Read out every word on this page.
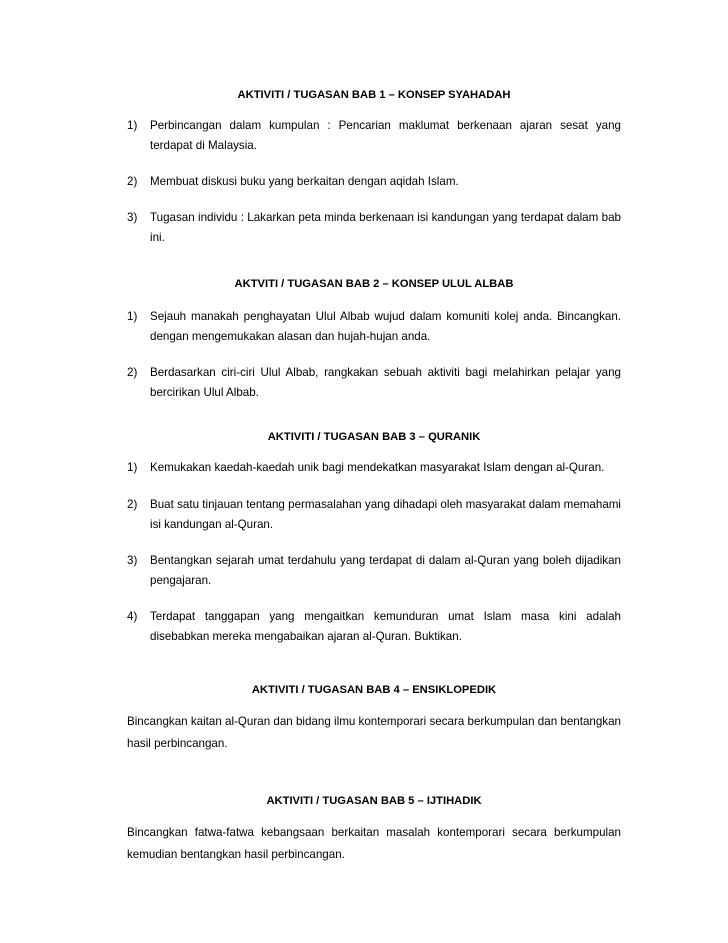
AKTIVITI / TUGASAN BAB 1 – KONSEP SYAHADAH
1) Perbincangan dalam kumpulan : Pencarian maklumat berkenaan ajaran sesat yang terdapat di Malaysia.
2) Membuat diskusi buku yang berkaitan dengan aqidah Islam.
3) Tugasan individu : Lakarkan peta minda berkenaan isi kandungan yang terdapat dalam bab ini.
AKTVITI / TUGASAN BAB 2 – KONSEP ULUL ALBAB
1) Sejauh manakah penghayatan Ulul Albab wujud dalam komuniti kolej anda. Bincangkan. dengan mengemukakan alasan dan hujah-hujan anda.
2) Berdasarkan ciri-ciri Ulul Albab, rangkakan sebuah aktiviti bagi melahirkan pelajar yang bercirikan Ulul Albab.
AKTIVITI / TUGASAN BAB 3 – QURANIK
1) Kemukakan kaedah-kaedah unik bagi mendekatkan masyarakat Islam dengan al-Quran.
2) Buat satu tinjauan tentang permasalahan yang dihadapi oleh masyarakat dalam memahami isi kandungan al-Quran.
3) Bentangkan sejarah umat terdahulu yang terdapat di dalam al-Quran yang boleh dijadikan pengajaran.
4) Terdapat tanggapan yang mengaitkan kemunduran umat Islam masa kini adalah disebabkan mereka mengabaikan ajaran al-Quran. Buktikan.
AKTIVITI / TUGASAN BAB 4 – ENSIKLOPEDIK

Bincangkan kaitan al-Quran dan bidang ilmu kontemporari secara berkumpulan dan bentangkan hasil perbincangan.

AKTIVITI / TUGASAN BAB 5 – IJTIHADIK

Bincangkan fatwa-fatwa kebangsaan berkaitan masalah kontemporari secara berkumpulan kemudian bentangkan hasil perbincangan.
